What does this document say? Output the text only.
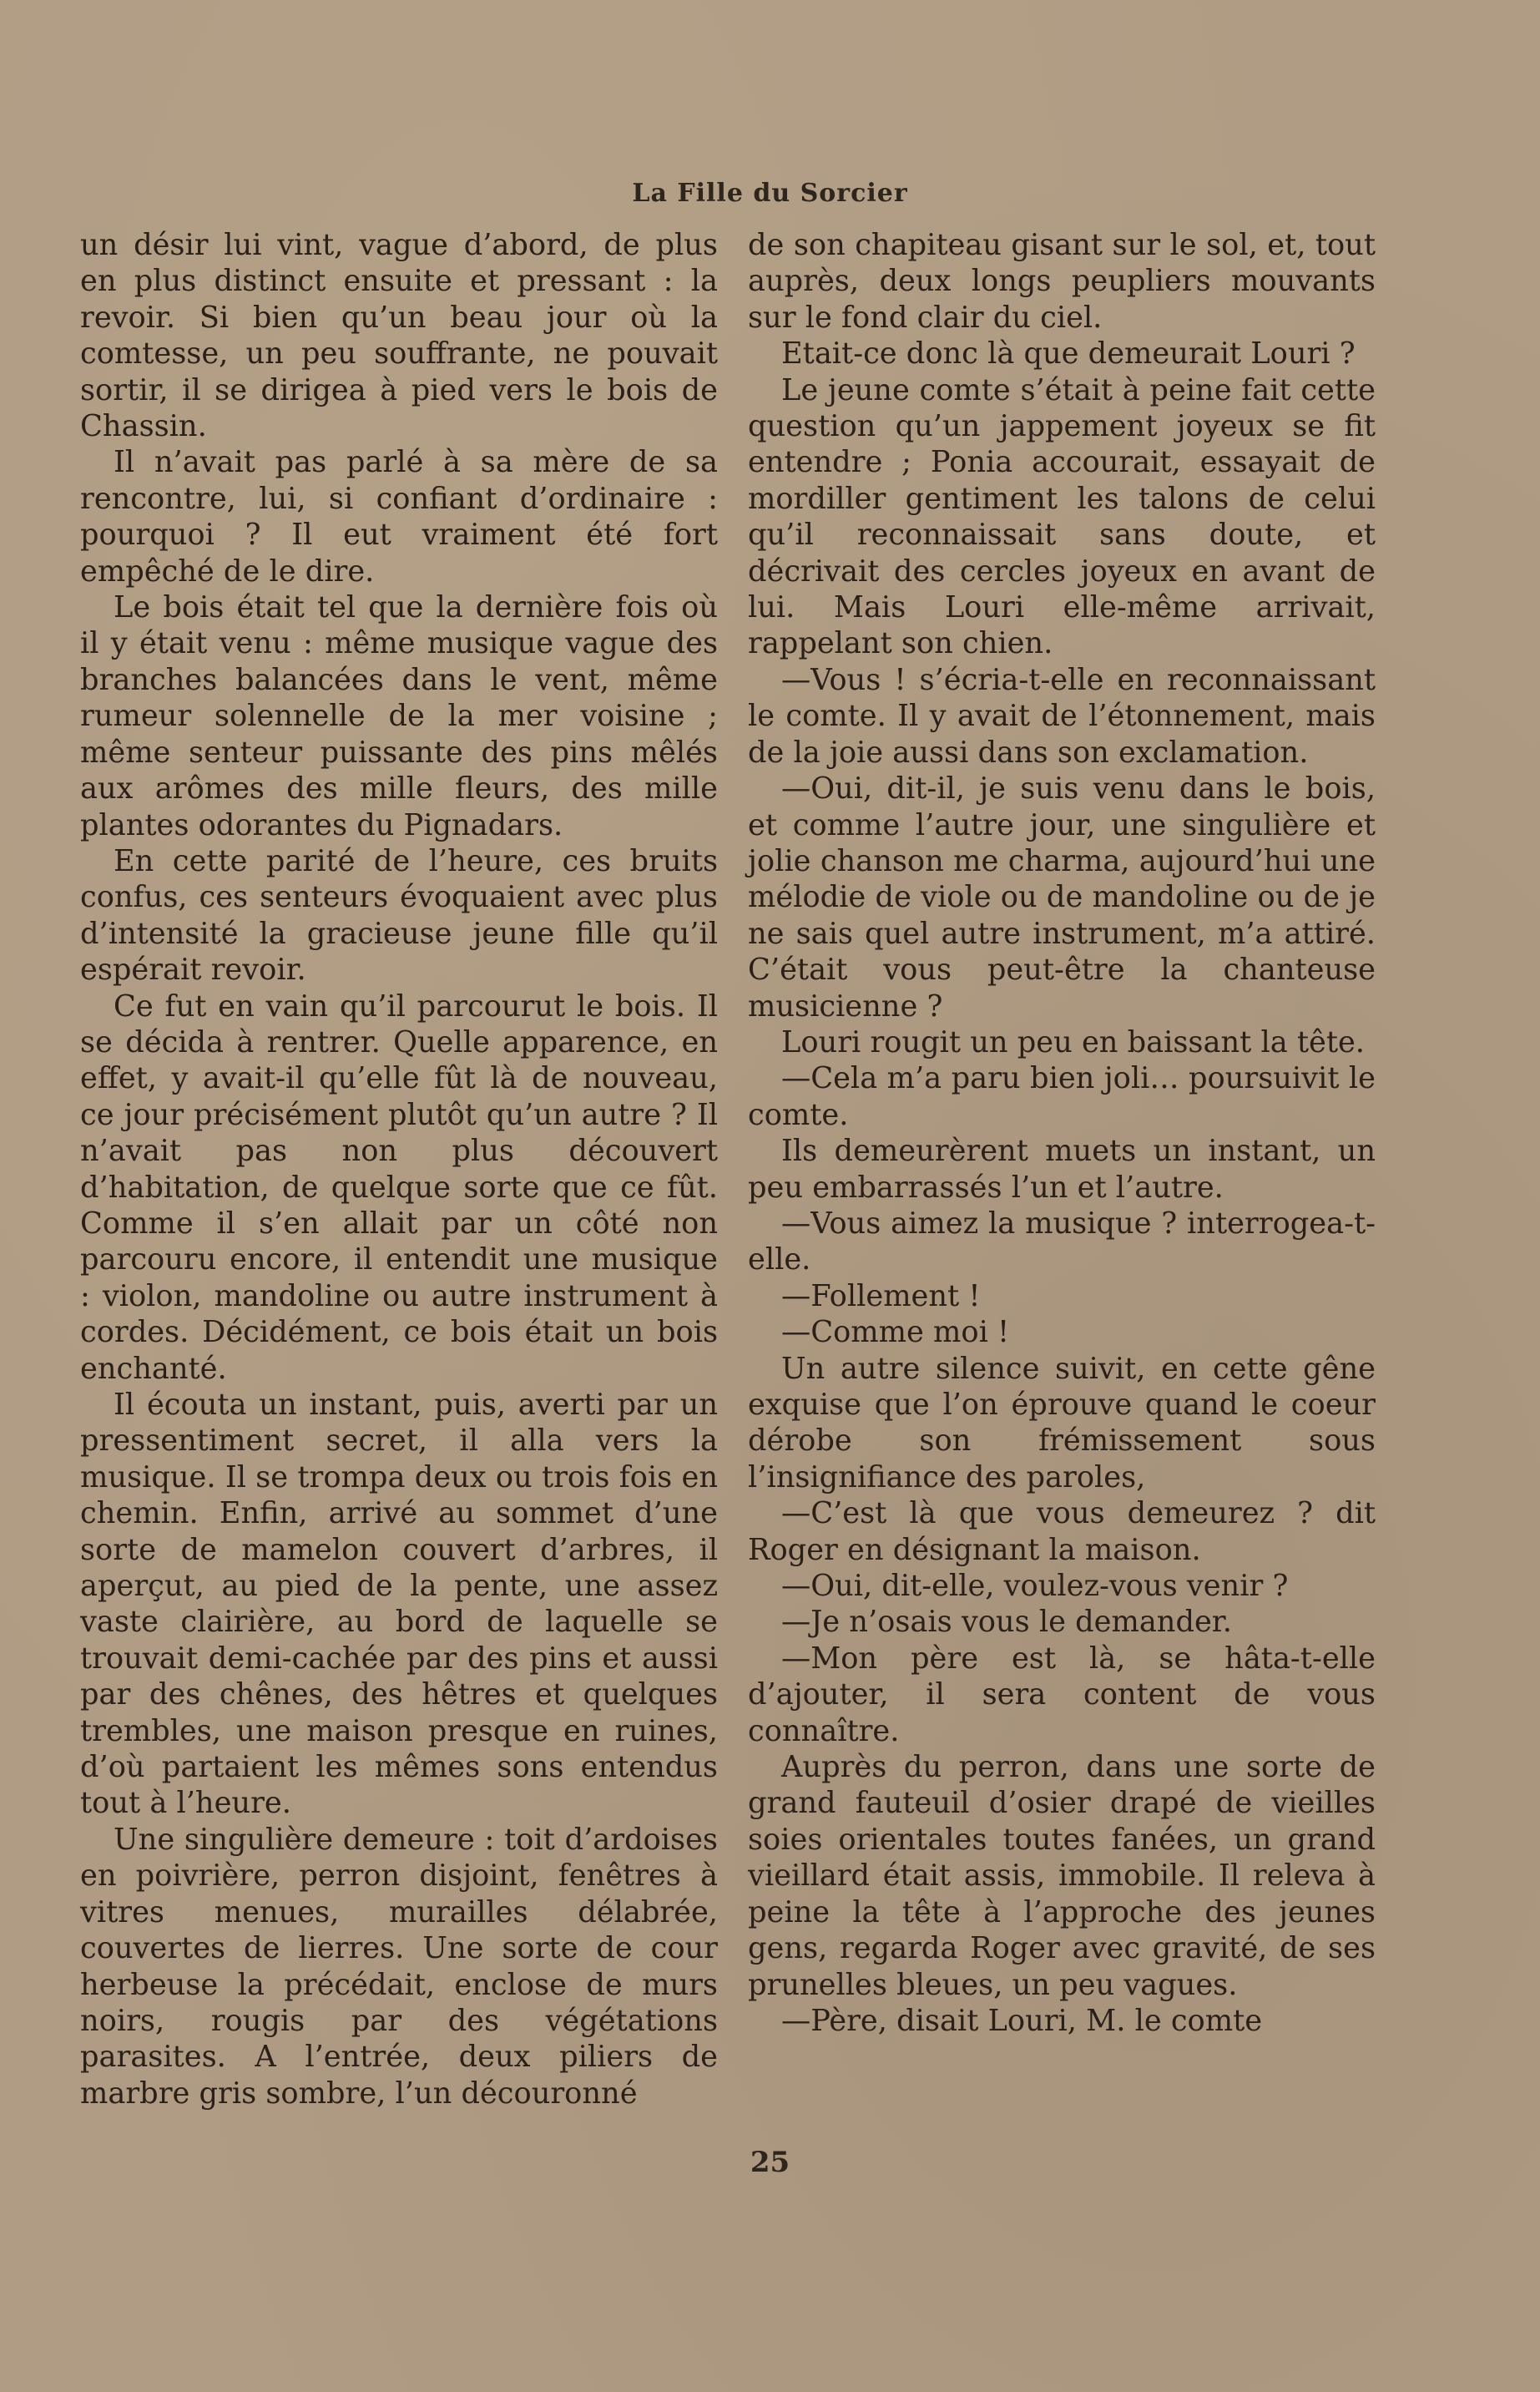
La Fille du Sorcier

un désir lui vint, vague d’abord, de plus en plus distinct ensuite et pressant : la revoir. Si bien qu’un beau jour où la comtesse, un peu souffrante, ne pouvait sortir, il se dirigea à pied vers le bois de Chassin.

Il n’avait pas parlé à sa mère de sa rencontre, lui, si confiant d’ordinaire : pourquoi ? Il eut vraiment été fort empêché de le dire.

Le bois était tel que la dernière fois où il y était venu : même musique vague des branches balancées dans le vent, même rumeur solennelle de la mer voisine ; même senteur puissante des pins mêlés aux arômes des mille fleurs, des mille plantes odorantes du Pignadars.

En cette parité de l’heure, ces bruits confus, ces senteurs évoquaient avec plus d’intensité la gracieuse jeune fille qu’il espérait revoir.

Ce fut en vain qu’il parcourut le bois. Il se décida à rentrer. Quelle apparence, en effet, y avait-il qu’elle fût là de nouveau, ce jour précisément plutôt qu’un autre ? Il n’avait pas non plus découvert d’habitation, de quelque sorte que ce fût. Comme il s’en allait par un côté non parcouru encore, il entendit une musique : violon, mandoline ou autre instrument à cordes. Décidément, ce bois était un bois enchanté.

Il écouta un instant, puis, averti par un pressentiment secret, il alla vers la musique. Il se trompa deux ou trois fois en chemin. Enfin, arrivé au sommet d’une sorte de mamelon couvert d’arbres, il aperçut, au pied de la pente, une assez vaste clairière, au bord de laquelle se trouvait demi-cachée par des pins et aussi par des chênes, des hêtres et quelques trembles, une maison presque en ruines, d’où partaient les mêmes sons entendus tout à l’heure.

Une singulière demeure : toit d’ardoises en poivrière, perron disjoint, fenêtres à vitres menues, murailles délabrée, couvertes de lierres. Une sorte de cour herbeuse la précédait, enclose de murs noirs, rougis par des végétations parasites. A l’entrée, deux piliers de marbre gris sombre, l’un découronné

de son chapiteau gisant sur le sol, et, tout auprès, deux longs peupliers mouvants sur le fond clair du ciel.

Etait-ce donc là que demeurait Louri ?

Le jeune comte s’était à peine fait cette question qu’un jappement joyeux se fit entendre ; Ponia accourait, essayait de mordiller gentiment les talons de celui qu’il reconnaissait sans doute, et décrivait des cercles joyeux en avant de lui. Mais Louri elle-même arrivait, rappelant son chien.

—Vous ! s’écria-t-elle en reconnaissant le comte. Il y avait de l’étonnement, mais de la joie aussi dans son exclamation.

—Oui, dit-il, je suis venu dans le bois, et comme l’autre jour, une singulière et jolie chanson me charma, aujourd’hui une mélodie de viole ou de mandoline ou de je ne sais quel autre instrument, m’a attiré. C’était vous peut-être la chanteuse musicienne ?

Louri rougit un peu en baissant la tête.

—Cela m’a paru bien joli… poursuivit le comte.

Ils demeurèrent muets un instant, un peu embarrassés l’un et l’autre.

—Vous aimez la musique ? interrogea-t-elle.

—Follement !

—Comme moi !

Un autre silence suivit, en cette gêne exquise que l’on éprouve quand le coeur dérobe son frémissement sous l’insignifiance des paroles,

—C’est là que vous demeurez ? dit Roger en désignant la maison.

—Oui, dit-elle, voulez-vous venir ?

—Je n’osais vous le demander.

—Mon père est là, se hâta-t-elle d’ajouter, il sera content de vous connaître.

Auprès du perron, dans une sorte de grand fauteuil d’osier drapé de vieilles soies orientales toutes fanées, un grand vieillard était assis, immobile. Il releva à peine la tête à l’approche des jeunes gens, regarda Roger avec gravité, de ses prunelles bleues, un peu vagues.

—Père, disait Louri, M. le comte

25
